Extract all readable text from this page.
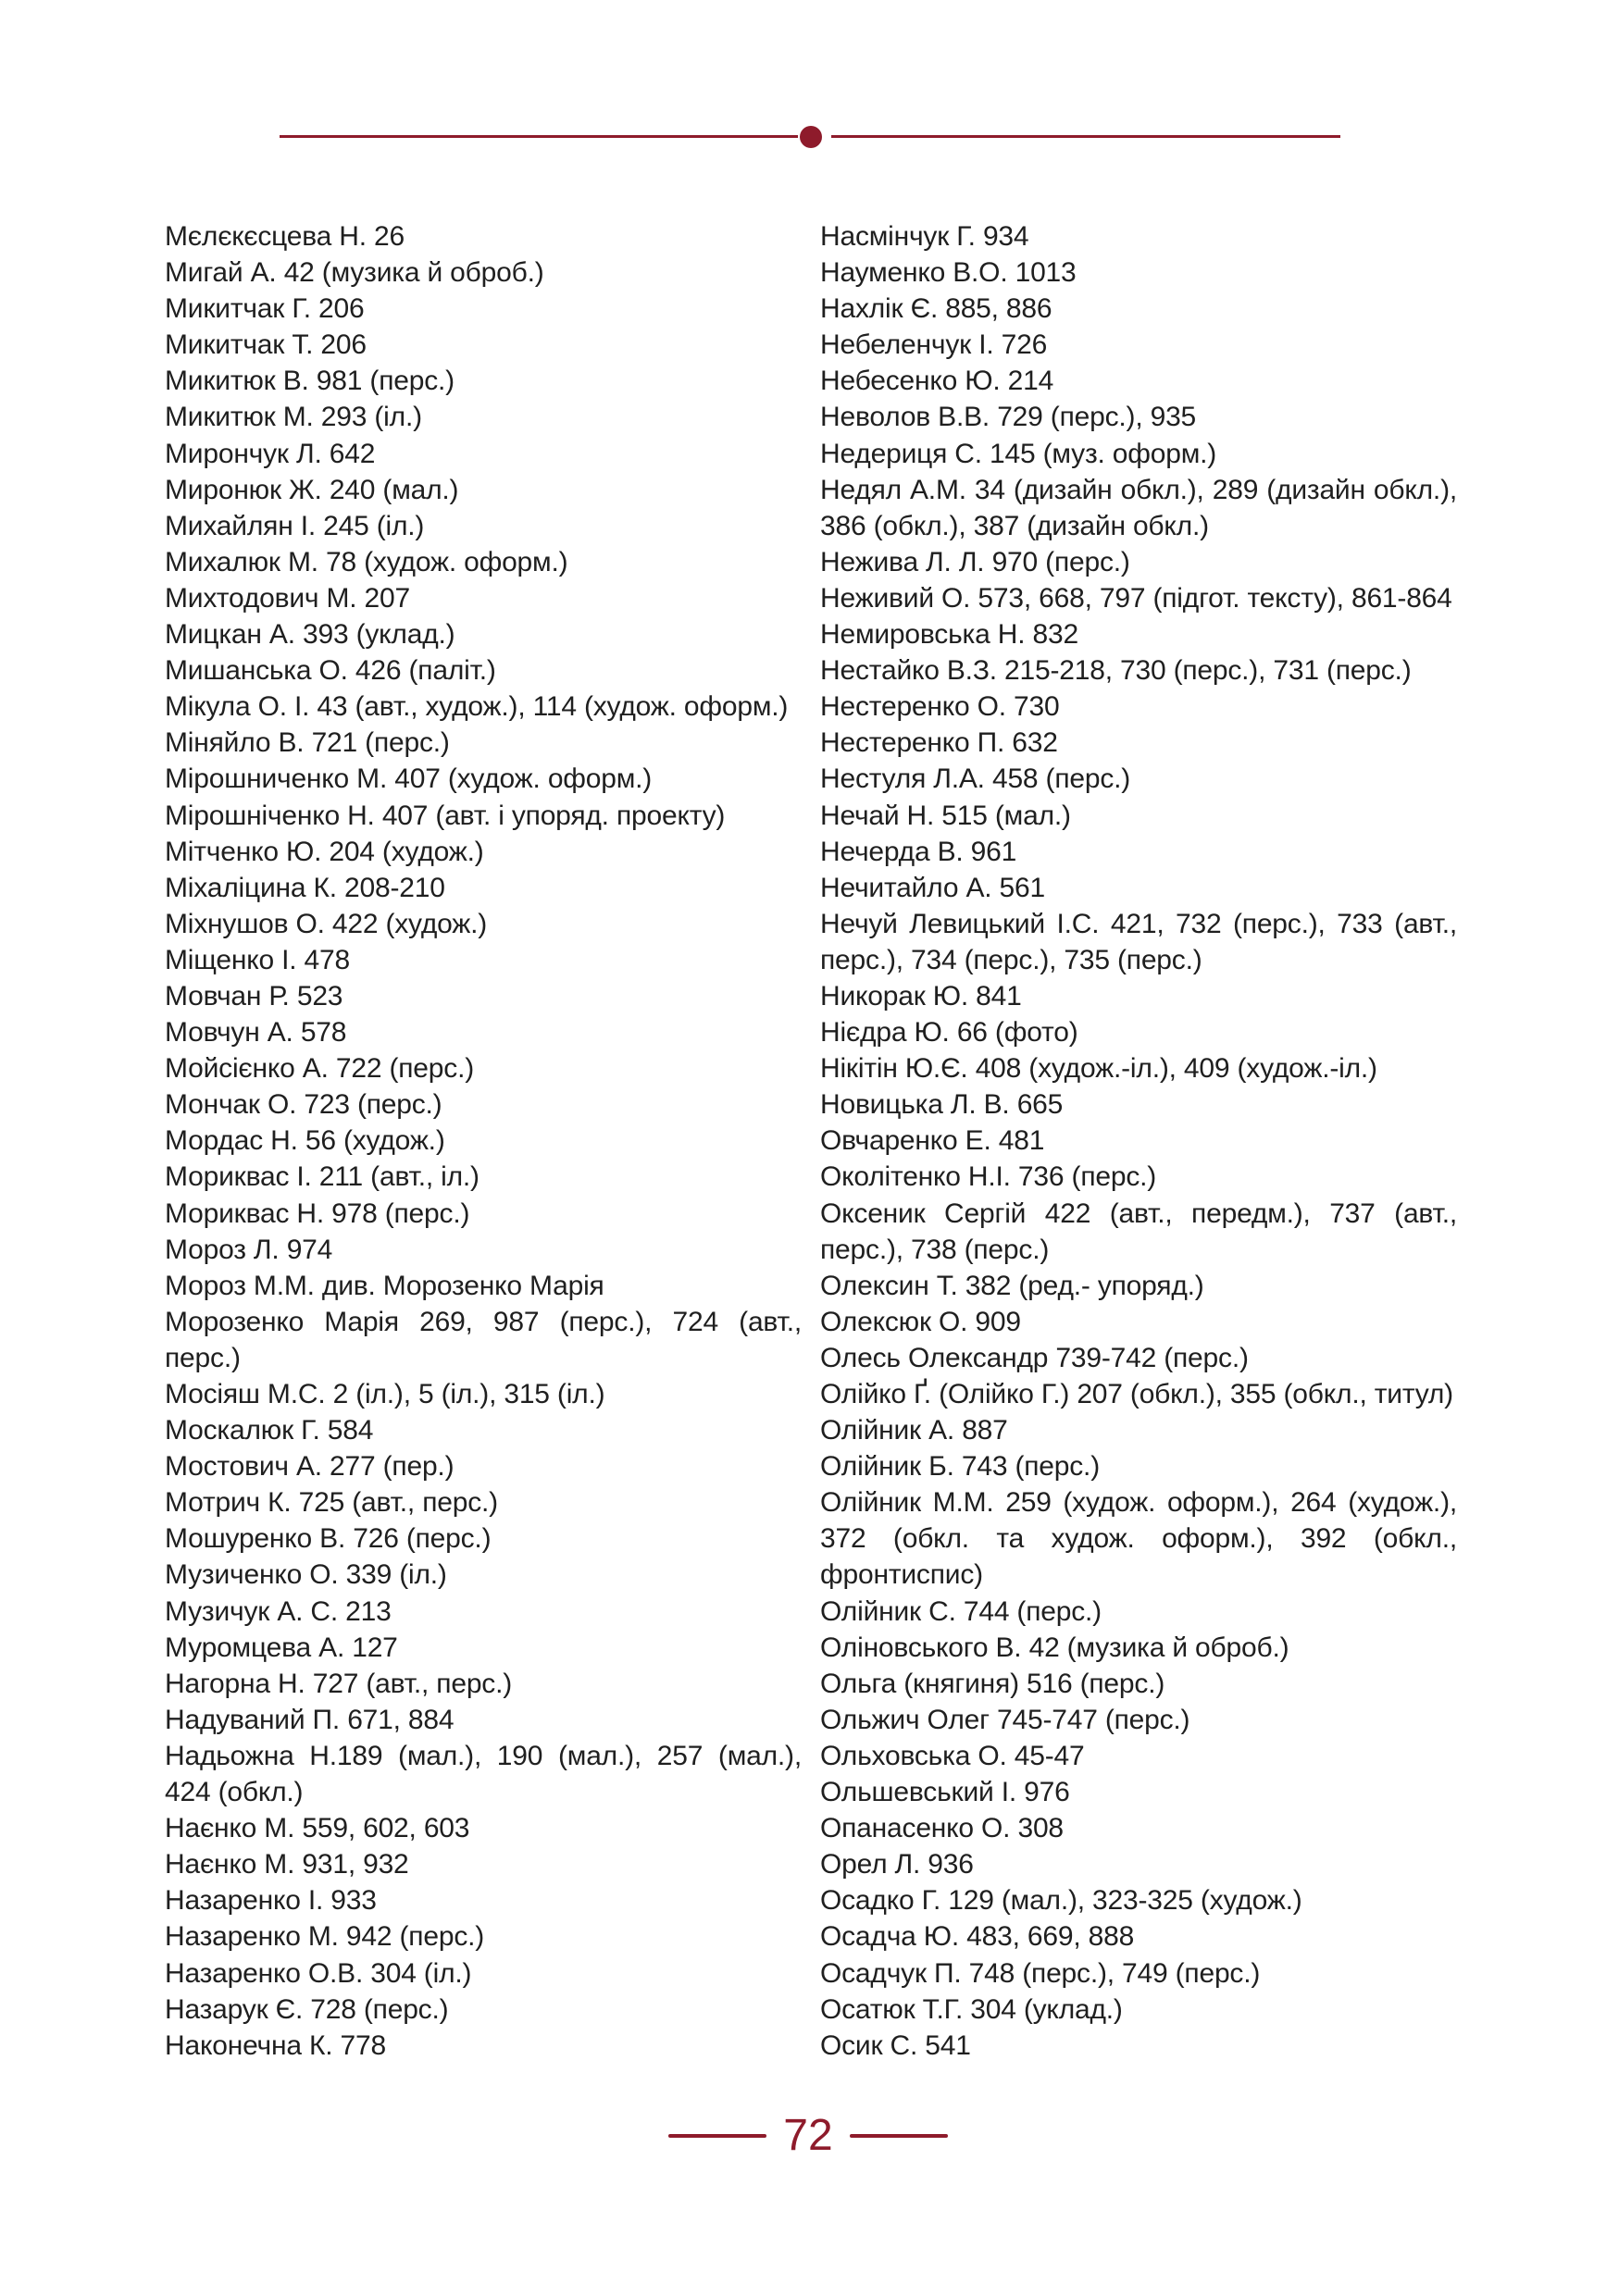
Мєлєкєсцева Н. 26
Мигай А. 42 (музика й оброб.)
Микитчак Г. 206
Микитчак Т. 206
Микитюк В. 981 (перс.)
Микитюк М. 293 (іл.)
Мирончук Л. 642
Миронюк Ж. 240 (мал.)
Михайлян І. 245 (іл.)
Михалюк М. 78 (худож. оформ.)
Михтодович М. 207
Мицкан А. 393 (уклад.)
Мишанська О. 426 (паліт.)
Мікула О. І. 43 (авт., худож.), 114 (худож. оформ.)
Міняйло В. 721 (перс.)
Мірошниченко М. 407 (худож. оформ.)
Мірошніченко Н. 407 (авт. і упоряд. проекту)
Мітченко Ю. 204 (худож.)
Міхаліцина К. 208-210
Міхнушов О. 422 (худож.)
Міщенко І. 478
Мовчан Р. 523
Мовчун А. 578
Мойсієнко А. 722 (перс.)
Мончак О. 723 (перс.)
Мордас Н. 56 (худож.)
Мориквас І. 211 (авт., іл.)
Мориквас Н. 978 (перс.)
Мороз Л. 974
Мороз М.М. див. Морозенко Марія
Морозенко Марія 269, 987 (перс.), 724 (авт., перс.)
Мосіяш М.С. 2 (іл.), 5 (іл.), 315 (іл.)
Москалюк Г. 584
Мостович А. 277 (пер.)
Мотрич К. 725 (авт., перс.)
Мошуренко В. 726 (перс.)
Музиченко О. 339 (іл.)
Музичук А. С. 213
Муромцева А. 127
Нагорна Н. 727 (авт., перс.)
Надуваний П. 671, 884
Надьожна Н.189 (мал.), 190 (мал.), 257 (мал.), 424 (обкл.)
Наєнко М. 559, 602, 603
Наєнко М. 931, 932
Назаренко І. 933
Назаренко М. 942 (перс.)
Назаренко О.В. 304 (іл.)
Назарук Є. 728 (перс.)
Наконечна К. 778
Насмінчук Г. 934
Науменко В.О. 1013
Нахлік Є. 885, 886
Небеленчук І. 726
Небесенко Ю. 214
Неволов В.В. 729 (перс.), 935
Недериця С. 145 (муз. оформ.)
Недял А.М. 34 (дизайн обкл.), 289 (дизайн обкл.), 386 (обкл.), 387 (дизайн обкл.)
Нежива Л. Л. 970 (перс.)
Неживий О. 573, 668, 797 (підгот. тексту), 861-864
Немировська Н. 832
Нестайко В.З. 215-218, 730 (перс.), 731 (перс.)
Нестеренко О. 730
Нестеренко П. 632
Нестуля Л.А. 458 (перс.)
Нечай Н. 515 (мал.)
Нечерда В. 961
Нечитайло А. 561
Нечуй Левицький І.С. 421, 732 (перс.), 733 (авт., перс.), 734 (перс.), 735 (перс.)
Никорак Ю. 841
Нієдра Ю. 66 (фото)
Нікітін Ю.Є. 408 (худож.-іл.), 409 (худож.-іл.)
Новицька Л. В. 665
Овчаренко Е. 481
Околітенко Н.І. 736 (перс.)
Оксеник Сергій 422 (авт., передм.), 737 (авт., перс.), 738 (перс.)
Олексин Т. 382 (ред.- упоряд.)
Олексюк О. 909
Олесь Олександр 739-742 (перс.)
Олійко Ґ. (Олійко Г.) 207 (обкл.), 355 (обкл., титул)
Олійник А. 887
Олійник Б. 743 (перс.)
Олійник М.М. 259 (худож. оформ.), 264 (худож.), 372 (обкл. та худож. оформ.), 392 (обкл., фронтиспис)
Олійник С. 744 (перс.)
Оліновського В. 42 (музика й оброб.)
Ольга (княгиня) 516 (перс.)
Ольжич Олег 745-747 (перс.)
Ольховська О. 45-47
Ольшевський І. 976
Опанасенко О. 308
Орел Л. 936
Осадко Г. 129 (мал.), 323-325 (худож.)
Осадча Ю. 483, 669, 888
Осадчук П. 748 (перс.), 749 (перс.)
Осатюк Т.Г. 304 (уклад.)
Осик С. 541
72
